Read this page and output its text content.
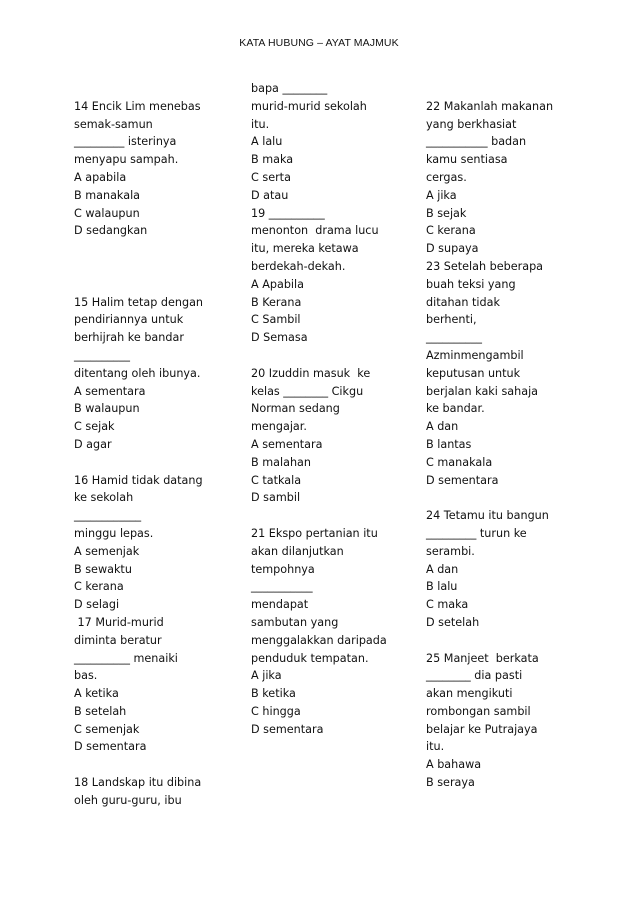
KATA HUBUNG – AYAT MAJMUK
14 Encik Lim menebas
semak-samun
_________ isterinya
menyapu sampah.
A apabila
B manakala
C walaupun
D sedangkan
15 Halim tetap dengan
pendiriannya untuk
berhijrah ke bandar
__________
ditentang oleh ibunya.
A sementara
B walaupun
C sejak
D agar
16 Hamid tidak datang
ke sekolah
____________
minggu lepas.
A semenjak
B sewaktu
C kerana
D selagi
17 Murid-murid
diminta beratur
__________ menaiki
bas.
A ketika
B setelah
C semenjak
D sementara
18 Landskap itu dibina
oleh guru-guru, ibu
bapa ________
murid-murid sekolah
itu.
A lalu
B maka
C serta
D atau
19 __________
menonton  drama lucu
itu, mereka ketawa
berdekah-dekah.
A Apabila
B Kerana
C Sambil
D Semasa
20 Izuddin masuk  ke
kelas ________ Cikgu
Norman sedang
mengajar.
A sementara
B malahan
C tatkala
D sambil
21 Ekspo pertanian itu
akan dilanjutkan
tempohnya
___________
mendapat
sambutan yang
menggalakkan daripada
penduduk tempatan.
A jika
B ketika
C hingga
D sementara
22 Makanlah makanan
yang berkhasiat
___________ badan
kamu sentiasa
cergas.
A jika
B sejak
C kerana
D supaya
23 Setelah beberapa
buah teksi yang
ditahan tidak
berhenti,
__________
Azminmengambil
keputusan untuk
berjalan kaki sahaja
ke bandar.
A dan
B lantas
C manakala
D sementara
24 Tetamu itu bangun
_________ turun ke
serambi.
A dan
B lalu
C maka
D setelah
25 Manjeet  berkata
________ dia pasti
akan mengikuti
rombongan sambil
belajar ke Putrajaya
itu.
A bahawa
B seraya
